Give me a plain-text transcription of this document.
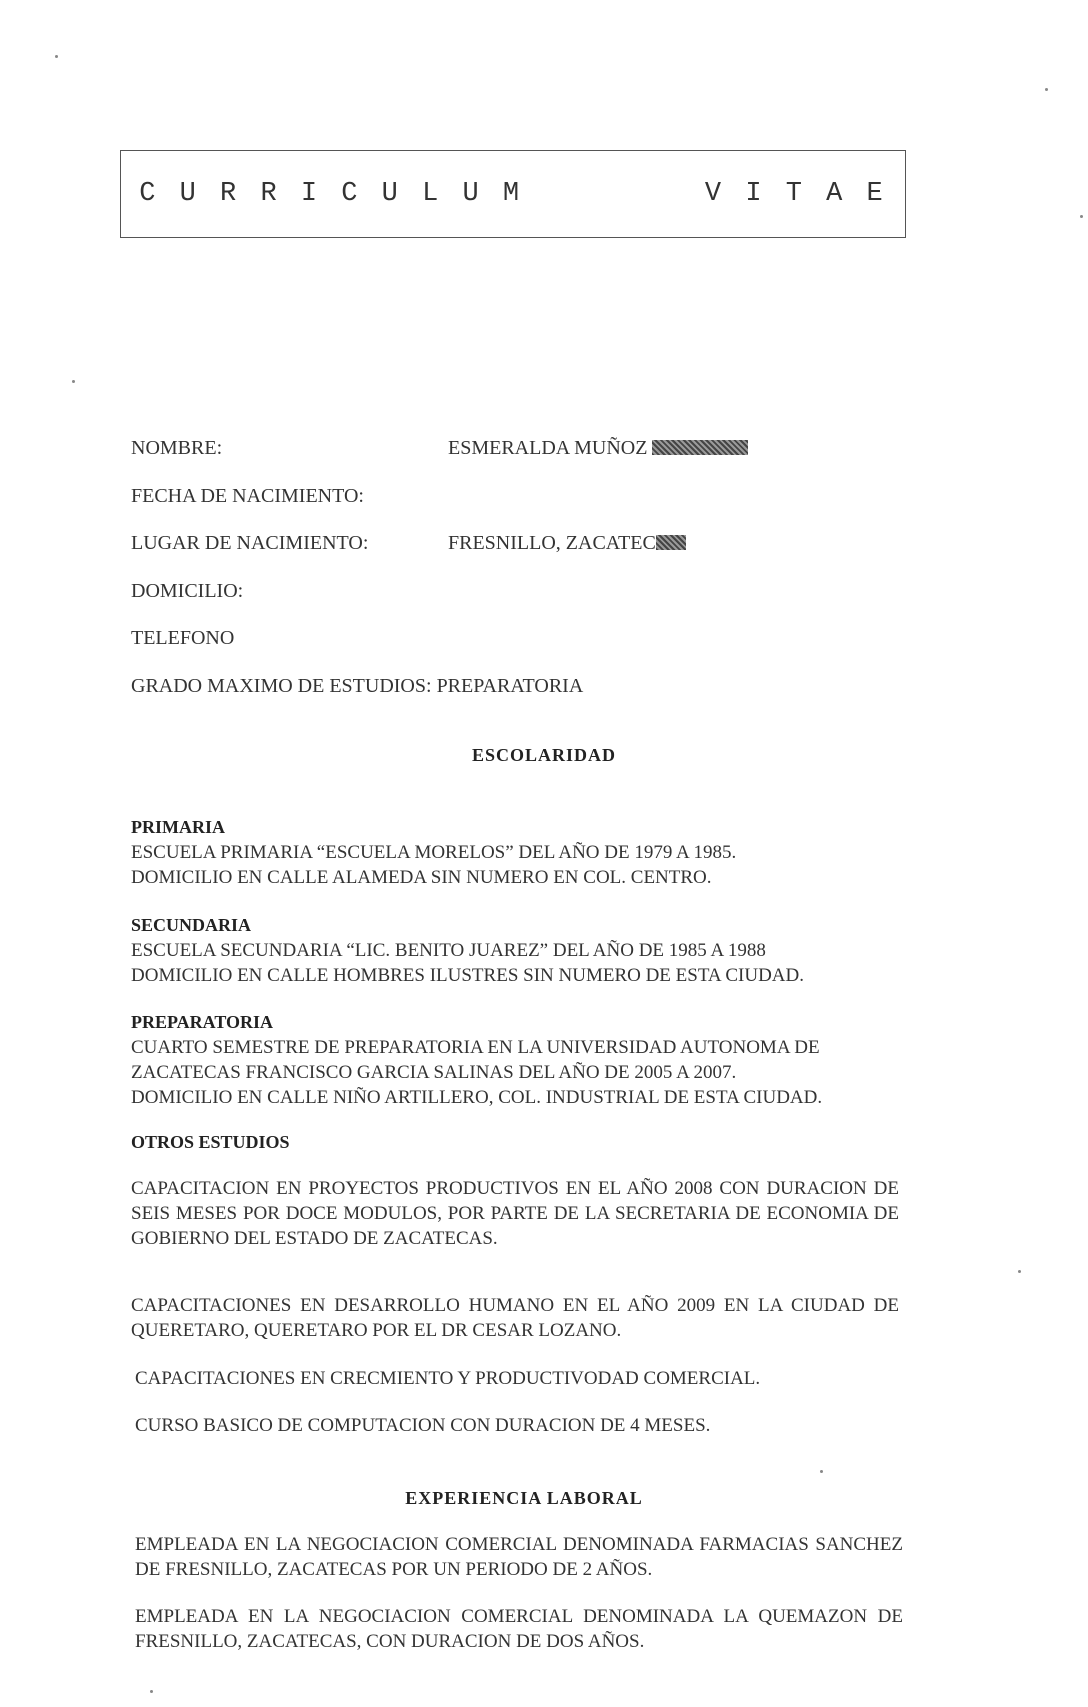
C U R R I C U L U M	V I T A E
NOMBRE:	ESMERALDA MUÑOZ
FECHA DE NACIMIENTO:
LUGAR DE NACIMIENTO:	FRESNILLO, ZACATEC
DOMICILIO:
TELEFONO
GRADO MAXIMO DE ESTUDIOS: PREPARATORIA
ESCOLARIDAD
PRIMARIA
ESCUELA PRIMARIA “ESCUELA MORELOS” DEL AÑO DE 1979 A 1985.
DOMICILIO EN CALLE ALAMEDA SIN NUMERO EN COL. CENTRO.
SECUNDARIA
ESCUELA SECUNDARIA “LIC. BENITO JUAREZ” DEL AÑO DE 1985 A 1988
DOMICILIO EN CALLE HOMBRES ILUSTRES SIN NUMERO DE ESTA CIUDAD.
PREPARATORIA
CUARTO SEMESTRE DE PREPARATORIA EN LA UNIVERSIDAD AUTONOMA DE
ZACATECAS FRANCISCO GARCIA SALINAS DEL AÑO DE 2005 A 2007.
DOMICILIO EN CALLE NIÑO ARTILLERO, COL. INDUSTRIAL DE ESTA CIUDAD.
OTROS ESTUDIOS
CAPACITACION EN PROYECTOS PRODUCTIVOS EN EL AÑO 2008 CON DURACION DE SEIS MESES POR DOCE MODULOS, POR PARTE DE LA SECRETARIA DE ECONOMIA DE GOBIERNO DEL ESTADO DE ZACATECAS.
CAPACITACIONES EN DESARROLLO HUMANO EN EL AÑO 2009 EN LA CIUDAD DE QUERETARO, QUERETARO POR EL DR CESAR LOZANO.
CAPACITACIONES EN CRECMIENTO Y PRODUCTIVODAD COMERCIAL.
CURSO BASICO DE COMPUTACION CON DURACION DE 4 MESES.
EXPERIENCIA LABORAL
EMPLEADA EN LA NEGOCIACION COMERCIAL DENOMINADA FARMACIAS SANCHEZ DE FRESNILLO, ZACATECAS POR UN PERIODO DE 2 AÑOS.
EMPLEADA EN LA NEGOCIACION COMERCIAL DENOMINADA LA QUEMAZON DE FRESNILLO, ZACATECAS, CON DURACION DE DOS AÑOS.
